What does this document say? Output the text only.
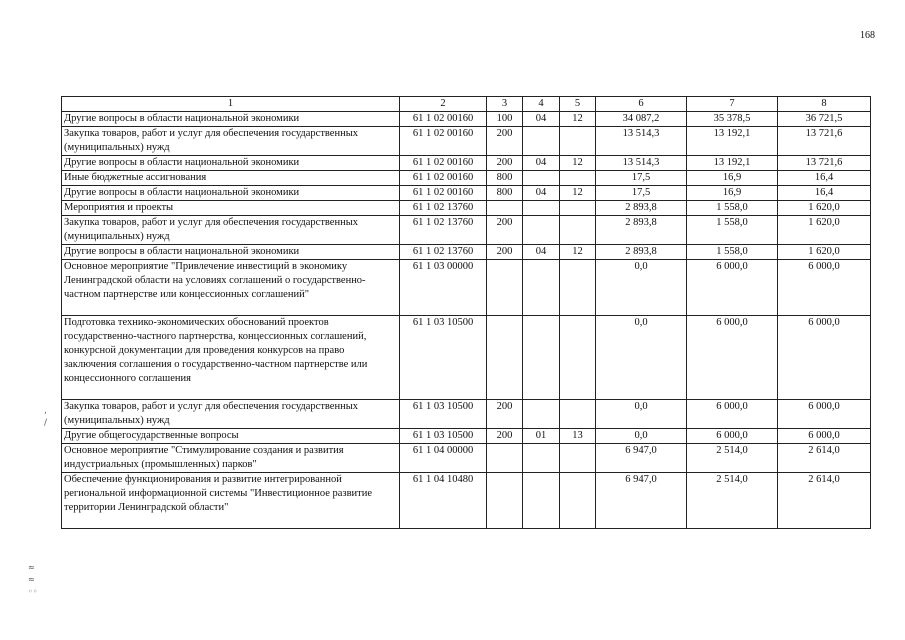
168
1	2	3	4	5	6	7	8
Другие вопросы в области национальной экономики	61 1 02 00160	100	04	12	34 087,2	35 378,5	36 721,5
Закупка товаров, работ и услуг для обеспечения государственных (муниципальных) нужд	61 1 02 00160	200			13 514,3	13 192,1	13 721,6
Другие вопросы в области национальной экономики	61 1 02 00160	200	04	12	13 514,3	13 192,1	13 721,6
Иные бюджетные ассигнования	61 1 02 00160	800			17,5	16,9	16,4
Другие вопросы в области национальной экономики	61 1 02 00160	800	04	12	17,5	16,9	16,4
Мероприятия и проекты	61 1 02 13760				2 893,8	1 558,0	1 620,0
Закупка товаров, работ и услуг для обеспечения государственных (муниципальных) нужд	61 1 02 13760	200			2 893,8	1 558,0	1 620,0
Другие вопросы в области национальной экономики	61 1 02 13760	200	04	12	2 893,8	1 558,0	1 620,0
Основное мероприятие "Привлечение инвестиций в экономику Ленинградской области на условиях соглашений о государственно-частном партнерстве или концессионных соглашений"	61 1 03 00000				0,0	6 000,0	6 000,0
Подготовка технико-экономических обоснований проектов государственно-частного партнерства, концессионных соглашений, конкурсной документации для проведения конкурсов на право заключения соглашения о государственно-частном партнерстве или концессионного соглашения	61 1 03 10500				0,0	6 000,0	6 000,0
Закупка товаров, работ и услуг для обеспечения государственных (муниципальных) нужд	61 1 03 10500	200			0,0	6 000,0	6 000,0
Другие общегосударственные вопросы	61 1 03 10500	200	01	13	0,0	6 000,0	6 000,0
Основное мероприятие "Стимулирование создания и развития индустриальных (промышленных) парков"	61 1 04 00000				6 947,0	2 514,0	2 614,0
Обеспечение функционирования и развитие интегрированной региональной информационной системы "Инвестиционное развитие территории Ленинградской области"	61 1 04 10480				6 947,0	2 514,0	2 614,0
,
/
≈
≈
◦◦
